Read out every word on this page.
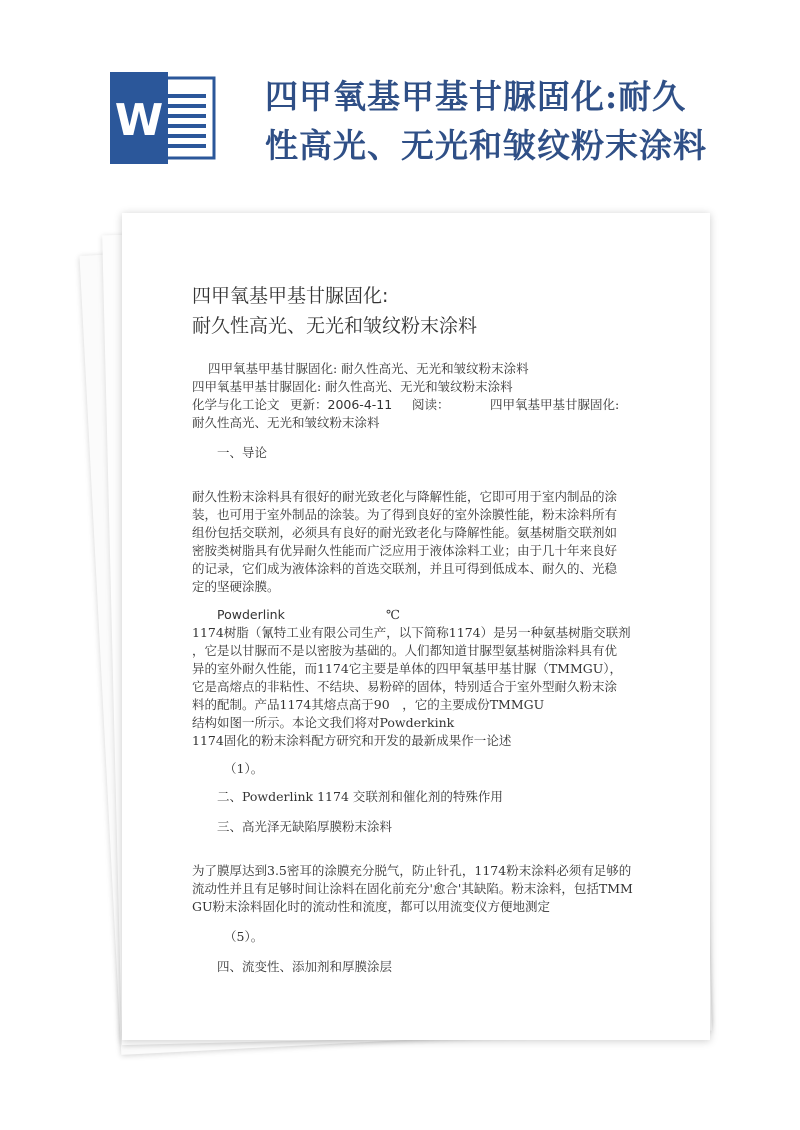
W	四甲氧基甲基甘脲固化:耐久
性高光、无光和皱纹粉末涂料
四甲氧基甲基甘脲固化:
耐久性高光、无光和皱纹粉末涂料
四甲氧基甲基甘脲固化: 耐久性高光、无光和皱纹粉末涂料
四甲氧基甲基甘脲固化: 耐久性高光、无光和皱纹粉末涂料
化学与化工论文 更新：2006-4-11 阅读：	四甲氧基甲基甘脲固化:
耐久性高光、无光和皱纹粉末涂料
一、导论
耐久性粉末涂料具有很好的耐光致老化与降解性能，它即可用于室内制品的涂
装，也可用于室外制品的涂装。为了得到良好的室外涂膜性能，粉末涂料所有
组份包括交联剂，必须具有良好的耐光致老化与降解性能。氨基树脂交联剂如
密胺类树脂具有优异耐久性能而广泛应用于液体涂料工业；由于几十年来良好
的记录，它们成为液体涂料的首选交联剂，并且可得到低成本、耐久的、光稳
定的坚硬涂膜。
Powderlink	℃
1174树脂（氰特工业有限公司生产，以下简称1174）是另一种氨基树脂交联剂
，它是以甘脲而不是以密胺为基础的。人们都知道甘脲型氨基树脂涂料具有优
异的室外耐久性能，而1174它主要是单体的四甲氧基甲基甘脲（TMMGU），
它是高熔点的非粘性、不结块、易粉碎的固体，特别适合于室外型耐久粉末涂
料的配制。产品1174其熔点高于90　，它的主要成份TMMGU
结构如图一所示。本论文我们将对Powderkink
1174固化的粉末涂料配方研究和开发的最新成果作一论述
（1）。
二、Powderlink 1174 交联剂和催化剂的特殊作用
三、高光泽无缺陷厚膜粉末涂料
为了膜厚达到3.5密耳的涂膜充分脱气，防止针孔，1174粉末涂料必须有足够的
流动性并且有足够时间让涂料在固化前充分'愈合'其缺陷。粉末涂料，包括TMM
GU粉末涂料固化时的流动性和流度，都可以用流变仪方便地测定
（5）。
四、流变性、添加剂和厚膜涂层
